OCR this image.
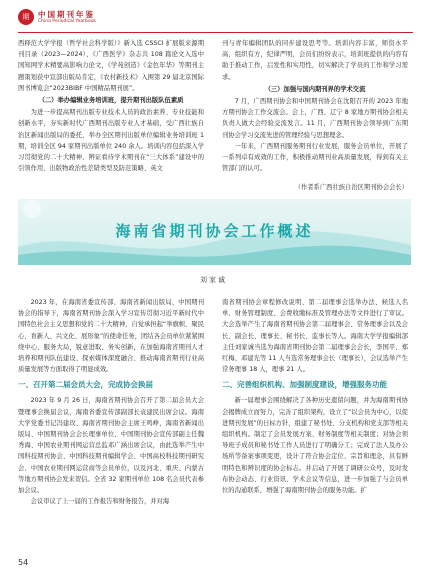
期	中国期刊年鉴
China Periodical Yearbook

西释范大学学报（哲学社会科学版）》新入选 CSSCI 扩展版来源期刊目录（2023—2024），《广西医学》杂志共 108 篇论文入选中国知网学术精要高影响力论文，《学苑创造》《金色年华》等期刊主题策划获中宣部出版局肯定，《农村新技术》入围第 29 届北京国际图书博览会“2023BIBF 中国精品期刊展”。

（二）举办编辑业务培训班，提升期刊出版队伍素质

为进一步提高期刊出版专业技术人员的政治素养、专业技能和创新水平，夯实新时代广西期刊出版专业人才基础，受广西壮族自治区新闻出版局的委托，举办全区期刊出版单位编辑业务培训班 1 期，培训全区 94 家期刊出版单位 240 余人。培训内容包括深入学习贯彻党的二十大精神、辨证看待学术期刊在“三大体系”建设中的引领作用、出版物政治性差错类型及防范策略、英文

刊与青年编辑团队的同步建设思考等。培训内容丰富，师资水平高，组织有方，纪律严明，会员们纷纷表示，培训班提供的内容有助于推动工作，启发性和实用性，切实解决了学员的工作和学习需求。

（三）加强与国内期刊界的学术交流

7 月，广西期刊协会和中国期刊协会在沈阳召开的 2023 年地方期刊协会工作交流会。会上，广西、辽宁 8 家地方期刊协会相关负责人做大会经验交流发言。11 月，广西期刊协会领导到广东期刊协会学习交流先进的管理经验与思想理念。

一年来，广西期刊服务期刊行业发展，服务会员单位，开展了一系列卓有成效的工作，积极推动期刊业高质量发展，得到有关主管部门的认可。

（作者系广西壮族自治区期刊协会会长）

海南省期刊协会工作概述
刘家诚

2023 年，在海南省委宣传部、海南省新闻出版局、中国期刊协会的指导下，海南省期刊协会深入学习宣传贯彻习近平新时代中国特色社会主义思想和党的二十大精神，自觉承担起“举旗帜、聚民心、育新人、兴文化、展形象”的使命任务，团结各会员单位紧紧围绕中心、服务大局，锐意进取、务实创新，在加强海南省期刊人才培养和期刊队伍建设、探索媒体深度融合、推动海南省期刊行业高质量发展等方面取得了明显成效。

一、召开第二届会员大会，完成协会换届

2023 年 9 月 26 日，海南省期刊协会召开了第二届会员大会暨理事会换届会议，海南省委宣传部副部长袁建民出席会议。海南大学党委书记冯建玫、海南省期刊协会主席王鸣峥，海南省新闻出版局、中国期刊协会会长理事单位、中国期刊协会宣传部副主任魏秀海、中国农业期刊网运营总监邓广涵出席会议，由此选举产生中国科技期刊协会、中国科技期刊编辑学会、中国高校科技期刊研究会、中国农业期刊网运营商等会员单位，以及河北、重庆、内蒙古等地方期刊协会发来贺信。全省 32 家期刊单位 108 名会员代表参加会议。

会议审议了上一届的工作报告和财务报告，并对海

南省期刊协会章程修改说明、第二届理事会选举办法、候选人名单、财务管理制度、会费收缴标准及管理办法等文件进行了审议。大会选举产生了海南省期刊协会第二届理事会、常务理事会以及会长、副会长、理事长、秘书长、监事长等人。海南大学学报编辑部主任刘家诚当选为海南省期刊协会第二届理事会会长，李国平、郑红梅、邓建光等 11 人当选常务理事会长（理事长），会议选举产生常务理事 18 人，理事 21 人。

二、完善组织机构、加强制度建设，增强服务功能

新一届理事会围绕解决了各种历史遗留问题，并为海南期刊协会揭牌成立而努力，完善了组织架构，设立了“以会员为中心，以促进期刊发展”的日标方针，组建了秘书处、分支机构和党支部等相关组织机构。制定了会员发展方案、财务制度等相关制度；对协会领导班子成员和秘书处工作人员进行了明确分工；完成了法人及办公场所等备案事项变更，设计了符合协会定位、宗旨和理念，具有鲜明特色和辨识度的协会标志。并启动了开展了调研公众号，及时发布协会动态、行业资讯、学术会议等信息，进一步加强了与会员单位的沟通联系，增强了海南期刊协会的服务功能。扩

54
